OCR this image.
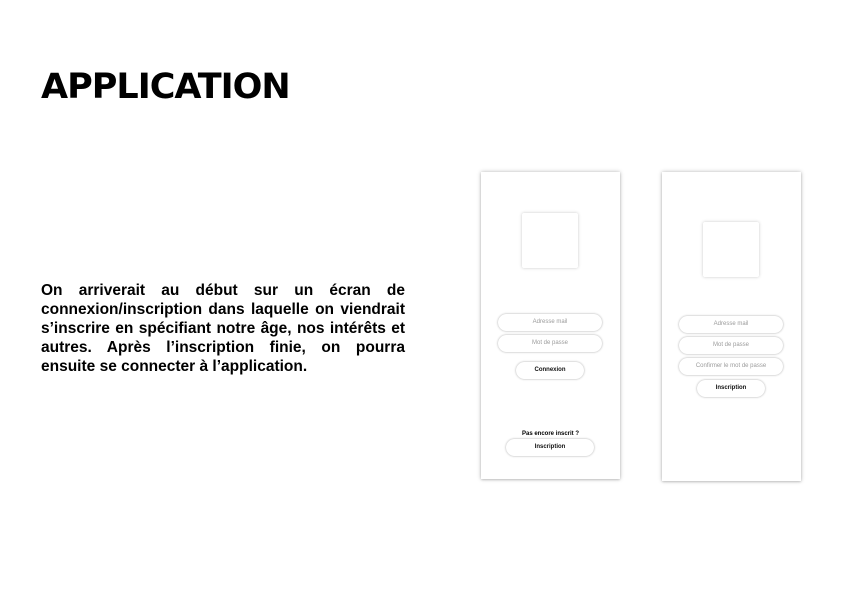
APPLICATION

On arriverait au début sur un écran de connexion/inscription dans laquelle on viendrait s’inscrire en spécifiant notre âge, nos intérêts et autres. Après l’inscription finie, on pourra ensuite se connecter à l’application.

Adresse mail
Mot de passe
Connexion
Pas encore inscrit ?
Inscription
Adresse mail
Mot de passe
Confirmer le mot de passe
Inscription
